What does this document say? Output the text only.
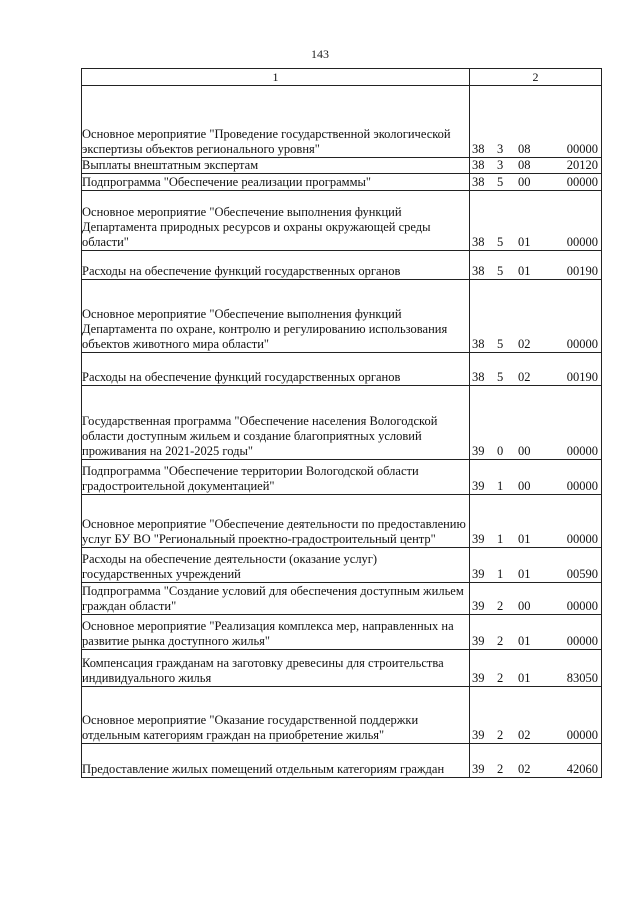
143
1	2
Основное мероприятие "Проведение государственной экологической экспертизы объектов регионального уровня"	38 3 08 00000

Выплаты внештатным экспертам	38 3 08 20120

Подпрограмма "Обеспечение реализации программы"	38 5 00 00000

Основное мероприятие "Обеспечение выполнения функций Департамента природных ресурсов и охраны окружающей среды области"	38 5 01 00000

Расходы на обеспечение функций государственных органов	38 5 01 00190

Основное мероприятие "Обеспечение выполнения функций Департамента по охране, контролю и регулированию использования объектов животного мира области"	38 5 02 00000

Расходы на обеспечение функций государственных органов	38 5 02 00190

Государственная программа "Обеспечение населения Вологодской области доступным жильем и создание благоприятных условий проживания на 2021-2025 годы"	39 0 00 00000

Подпрограмма "Обеспечение территории Вологодской области градостроительной документацией"	39 1 00 00000

Основное мероприятие "Обеспечение деятельности по предоставлению услуг БУ ВО "Региональный проектно-градостроительный центр"	39 1 01 00000

Расходы на обеспечение деятельности (оказание услуг) государственных учреждений	39 1 01 00590

Подпрограмма "Создание условий для обеспечения доступным жильем граждан области"	39 2 00 00000

Основное мероприятие "Реализация комплекса мер, направленных на развитие рынка доступного жилья"	39 2 01 00000

Компенсация гражданам на заготовку древесины для строительства индивидуального жилья	39 2 01 83050

Основное мероприятие "Оказание государственной поддержки отдельным категориям граждан на приобретение жилья"	39 2 02 00000

Предоставление жилых помещений отдельным категориям граждан	39 2 02 42060
